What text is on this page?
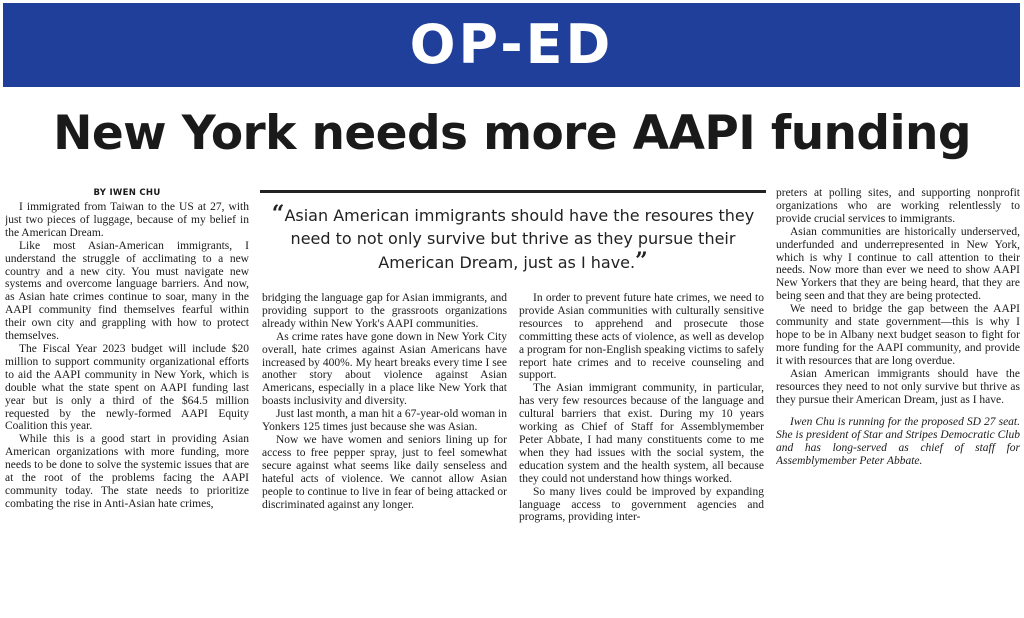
OP-ED
New York needs more AAPI funding
BY IWEN CHU
“Asian American immigrants should have the resoures they need to not only survive but thrive as they pursue their American Dream, just as I have.”

I immigrated from Taiwan to the US at 27, with just two pieces of luggage, because of my belief in the American Dream.

Like most Asian-American immigrants, I understand the struggle of acclimating to a new country and a new city. You must navigate new systems and overcome language barriers. And now, as Asian hate crimes continue to soar, many in the AAPI community find themselves fearful within their own city and grappling with how to protect themselves.

The Fiscal Year 2023 budget will include $20 million to support community organizational efforts to aid the AAPI community in New York, which is double what the state spent on AAPI funding last year but is only a third of the $64.5 million requested by the newly-formed AAPI Equity Coalition this year.

While this is a good start in providing Asian American organizations with more funding, more needs to be done to solve the systemic issues that are at the root of the problems facing the AAPI community today. The state needs to prioritize combating the rise in Anti-Asian hate crimes,

bridging the language gap for Asian immigrants, and providing support to the grassroots organizations already within New York's AAPI communities.

As crime rates have gone down in New York City overall, hate crimes against Asian Americans have increased by 400%. My heart breaks every time I see another story about violence against Asian Americans, especially in a place like New York that boasts inclusivity and diversity.

Just last month, a man hit a 67-year-old woman in Yonkers 125 times just because she was Asian.

Now we have women and seniors lining up for access to free pepper spray, just to feel somewhat secure against what seems like daily senseless and hateful acts of violence. We cannot allow Asian people to continue to live in fear of being attacked or discriminated against any longer.

In order to prevent future hate crimes, we need to provide Asian communities with culturally sensitive resources to apprehend and prosecute those committing these acts of violence, as well as develop a program for non-English speaking victims to safely report hate crimes and to receive counseling and support.

The Asian immigrant community, in particular, has very few resources because of the language and cultural barriers that exist. During my 10 years working as Chief of Staff for Assemblymember Peter Abbate, I had many constituents come to me when they had issues with the social system, the education system and the health system, all because they could not understand how things worked.

So many lives could be improved by expanding language access to government agencies and programs, providing inter-

preters at polling sites, and supporting nonprofit organizations who are working relentlessly to provide crucial services to immigrants.

Asian communities are historically underserved, underfunded and underrepresented in New York, which is why I continue to call attention to their needs. Now more than ever we need to show AAPI New Yorkers that they are being heard, that they are being seen and that they are being protected.

We need to bridge the gap between the AAPI community and state government—this is why I hope to be in Albany next budget season to fight for more funding for the AAPI community, and provide it with resources that are long overdue.

Asian American immigrants should have the resources they need to not only survive but thrive as they pursue their American Dream, just as I have.

Iwen Chu is running for the proposed SD 27 seat. She is president of Star and Stripes Democratic Club and has long-served as chief of staff for Assemblymember Peter Abbate.
